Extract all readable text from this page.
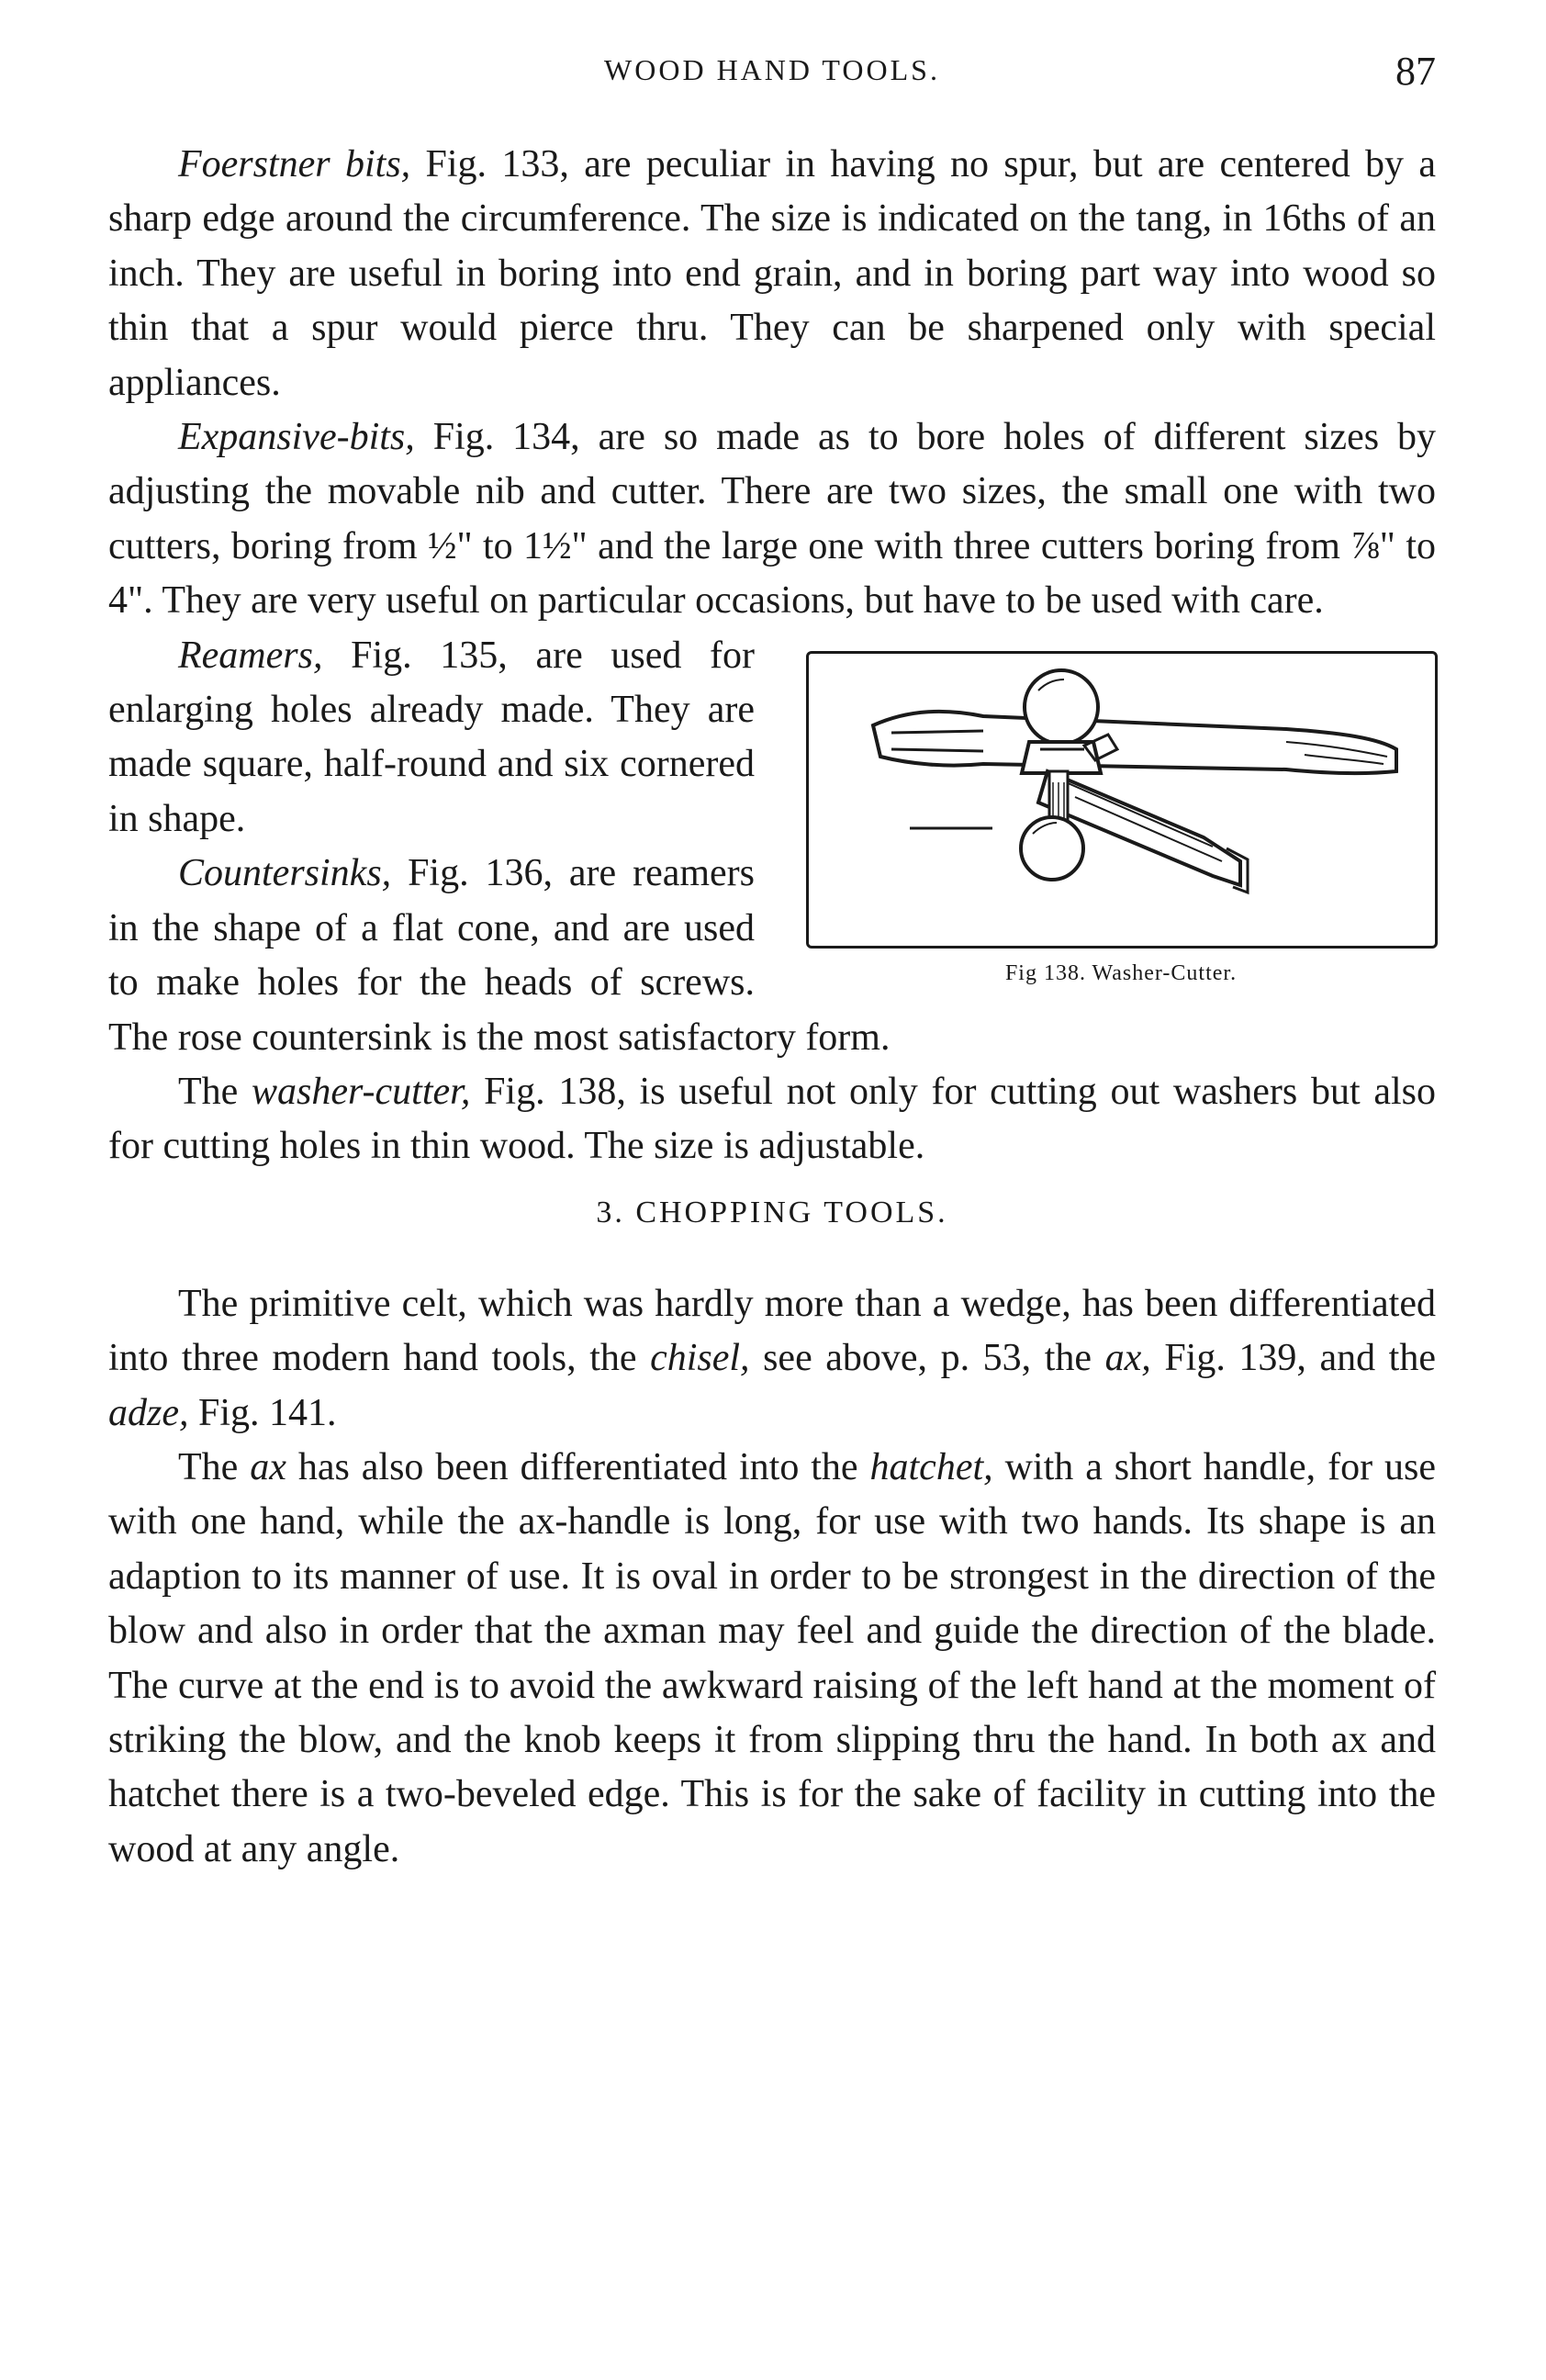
WOOD HAND TOOLS.	87

Foerstner bits, Fig. 133, are peculiar in having no spur, but are centered by a sharp edge around the circumference. The size is indicated on the tang, in 16ths of an inch. They are useful in boring into end grain, and in boring part way into wood so thin that a spur would pierce thru. They can be sharpened only with special appliances.

Expansive-bits, Fig. 134, are so made as to bore holes of different sizes by adjusting the movable nib and cutter. There are two sizes, the small one with two cutters, boring from ½" to 1½" and the large one with three cutters boring from ⅞" to 4". They are very useful on particular occasions, but have to be used with care.

Fig 138. Washer-Cutter.

Reamers, Fig. 135, are used for enlarging holes already made. They are made square, half-round and six cornered in shape.

Countersinks, Fig. 136, are reamers in the shape of a flat cone, and are used to make holes for the heads of screws. The rose countersink is the most satisfactory form.

The washer-cutter, Fig. 138, is useful not only for cutting out washers but also for cutting holes in thin wood. The size is adjustable.

3. CHOPPING TOOLS.

The primitive celt, which was hardly more than a wedge, has been differentiated into three modern hand tools, the chisel, see above, p. 53, the ax, Fig. 139, and the adze, Fig. 141.

The ax has also been differentiated into the hatchet, with a short handle, for use with one hand, while the ax-handle is long, for use with two hands. Its shape is an adaption to its manner of use. It is oval in order to be strongest in the direction of the blow and also in order that the axman may feel and guide the direction of the blade. The curve at the end is to avoid the awkward raising of the left hand at the moment of striking the blow, and the knob keeps it from slipping thru the hand. In both ax and hatchet there is a two-beveled edge. This is for the sake of facility in cutting into the wood at any angle.
